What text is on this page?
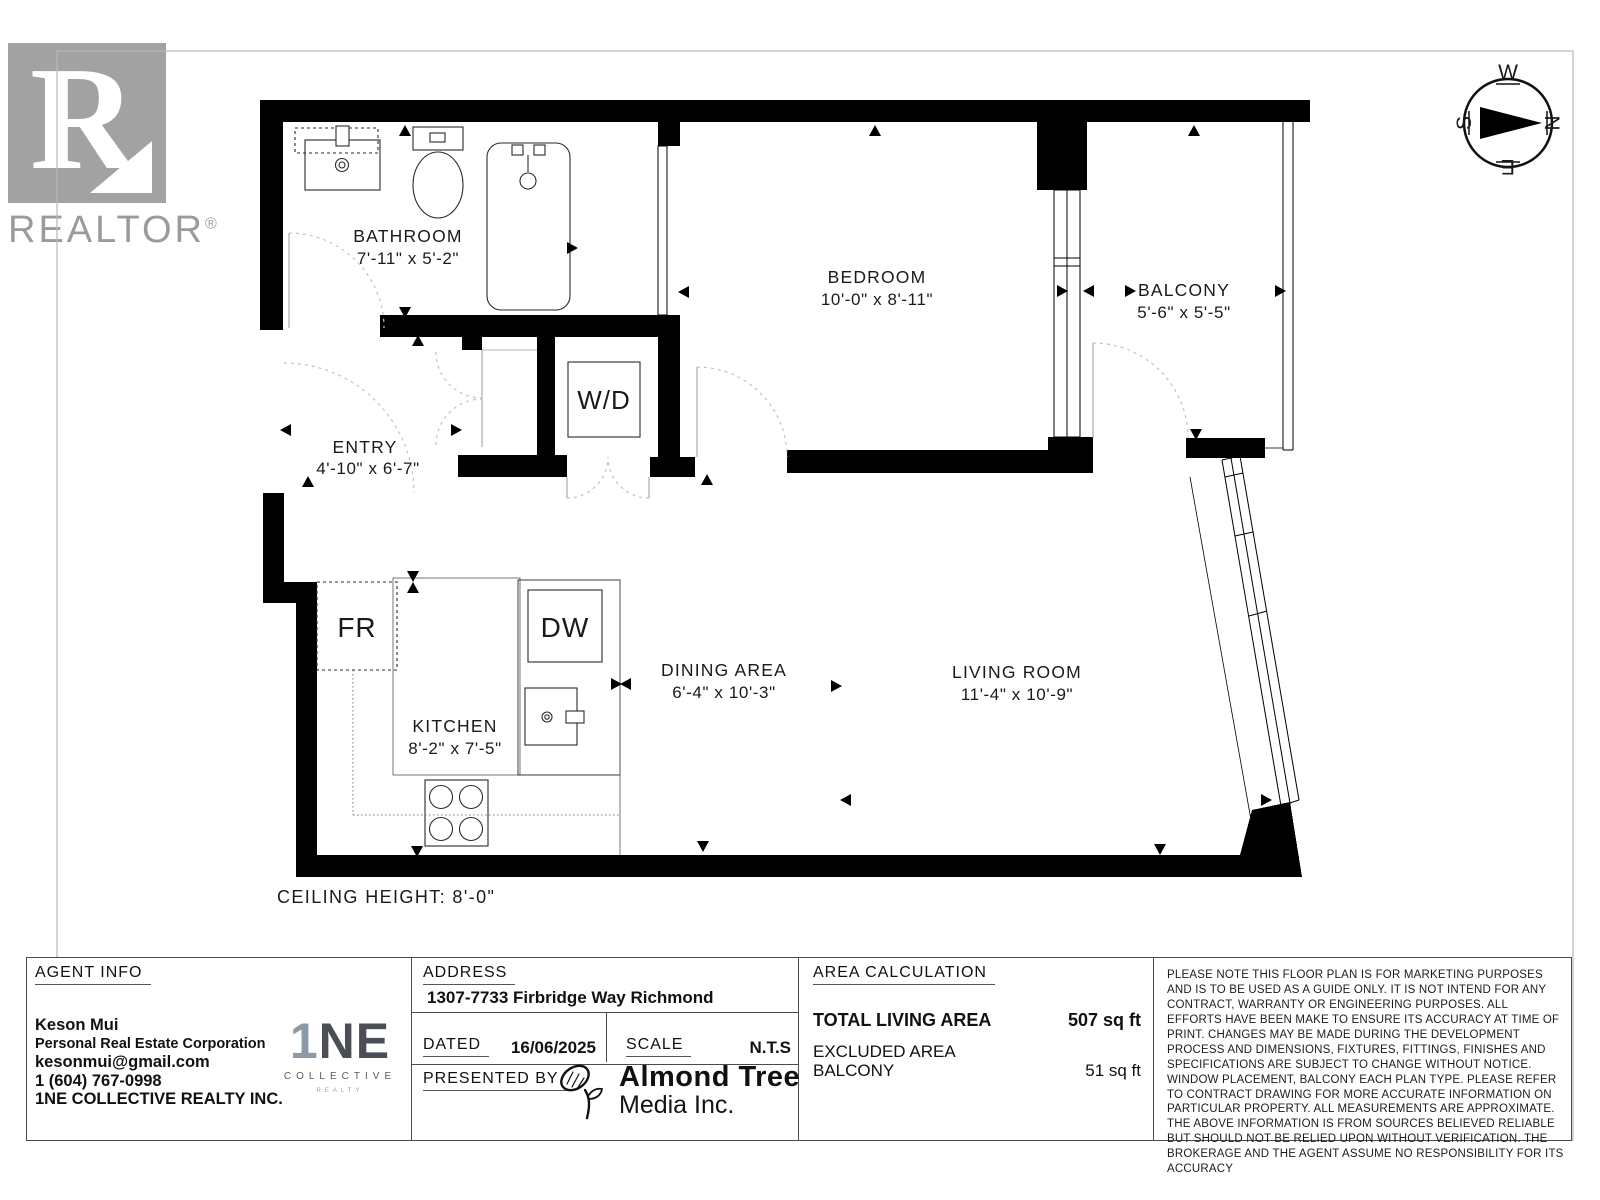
R
REALTOR®
BATHROOM
7'-11" x 5'-2"
BEDROOM
10'-0" x 8'-11"	BALCONY
5'-6" x 5'-5"
ENTRY
4'-10" x 6'-7"
KITCHEN
8'-2" x 7'-5"
DINING AREA
6'-4" x 10'-3"
LIVING ROOM
11'-4" x 10'-9"
W/D
FR	DW
CEILING HEIGHT: 8'-0"
W
N
E
S
AGENT INFO
Keson Mui
Personal Real Estate Corporation
kesonmui@gmail.com
1 (604) 767-0998
1NE COLLECTIVE REALTY INC.
1NE
COLLECTIVE
REALTY
ADDRESS
1307-7733 Firbridge Way Richmond
DATED	16/06/2025 SCALE	N.T.S
PRESENTED BY Almond Tree
Media Inc.
AREA CALCULATION
TOTAL LIVING AREA	507 sq ft
EXCLUDED AREA
BALCONY	51 sq ft
PLEASE NOTE THIS FLOOR PLAN IS FOR MARKETING PURPOSES AND IS TO BE USED AS A GUIDE ONLY. IT IS NOT INTEND FOR ANY CONTRACT, WARRANTY OR ENGINEERING PURPOSES. ALL EFFORTS HAVE BEEN MAKE TO ENSURE ITS ACCURACY AT TIME OF PRINT. CHANGES MAY BE MADE DURING THE DEVELOPMENT PROCESS AND DIMENSIONS, FIXTURES, FITTINGS, FINISHES AND SPECIFICATIONS ARE SUBJECT TO CHANGE WITHOUT NOTICE. WINDOW PLACEMENT, BALCONY EACH PLAN TYPE. PLEASE REFER TO CONTRACT DRAWING FOR MORE ACCURATE INFORMATION ON PARTICULAR PROPERTY. ALL MEASUREMENTS ARE APPROXIMATE. THE ABOVE INFORMATION IS FROM SOURCES BELIEVED RELIABLE BUT SHOULD NOT BE RELIED UPON WITHOUT VERIFICATION. THE BROKERAGE AND THE AGENT ASSUME NO RESPONSIBILITY FOR ITS ACCURACY
